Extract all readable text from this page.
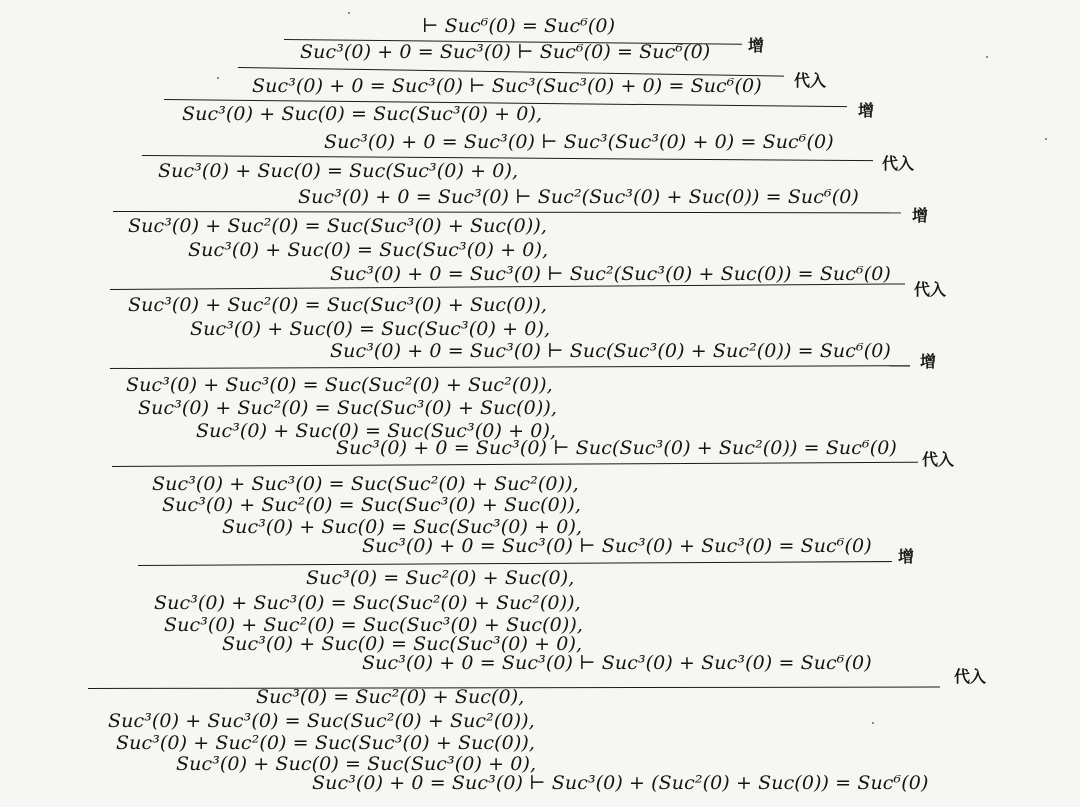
⊢ Suc⁶(0) = Suc⁶(0)
增
Suc³(0) + 0 = Suc³(0) ⊢ Suc⁶(0) = Suc⁶(0)
代入
Suc³(0) + 0 = Suc³(0) ⊢ Suc³(Suc³(0) + 0) = Suc⁶(0)
增
Suc³(0) + Suc(0) = Suc(Suc³(0) + 0),
Suc³(0) + 0 = Suc³(0) ⊢ Suc³(Suc³(0) + 0) = Suc⁶(0)
代入
Suc³(0) + Suc(0) = Suc(Suc³(0) + 0),
Suc³(0) + 0 = Suc³(0) ⊢ Suc²(Suc³(0) + Suc(0)) = Suc⁶(0)
增
Suc³(0) + Suc²(0) = Suc(Suc³(0) + Suc(0)),
Suc³(0) + Suc(0) = Suc(Suc³(0) + 0),
Suc³(0) + 0 = Suc³(0) ⊢ Suc²(Suc³(0) + Suc(0)) = Suc⁶(0)
代入
Suc³(0) + Suc²(0) = Suc(Suc³(0) + Suc(0)),
Suc³(0) + Suc(0) = Suc(Suc³(0) + 0),
Suc³(0) + 0 = Suc³(0) ⊢ Suc(Suc³(0) + Suc²(0)) = Suc⁶(0) 增
Suc³(0) + Suc³(0) = Suc(Suc²(0) + Suc²(0)),
Suc³(0) + Suc²(0) = Suc(Suc³(0) + Suc(0)),
Suc³(0) + Suc(0) = Suc(Suc³(0) + 0),
Suc³(0) + 0 = Suc³(0) ⊢ Suc(Suc³(0) + Suc²(0)) = Suc⁶(0)
代入
Suc³(0) + Suc³(0) = Suc(Suc²(0) + Suc²(0)),
Suc³(0) + Suc²(0) = Suc(Suc³(0) + Suc(0)),
Suc³(0) + Suc(0) = Suc(Suc³(0) + 0),
Suc³(0) + 0 = Suc³(0) ⊢ Suc³(0) + Suc³(0) = Suc⁶(0) 增
Suc³(0) = Suc²(0) + Suc(0),
Suc³(0) + Suc³(0) = Suc(Suc²(0) + Suc²(0)),
Suc³(0) + Suc²(0) = Suc(Suc³(0) + Suc(0)),
Suc³(0) + Suc(0) = Suc(Suc³(0) + 0),
Suc³(0) + 0 = Suc³(0) ⊢ Suc³(0) + Suc³(0) = Suc⁶(0)
代入
Suc³(0) = Suc²(0) + Suc(0),
Suc³(0) + Suc³(0) = Suc(Suc²(0) + Suc²(0)),
Suc³(0) + Suc²(0) = Suc(Suc³(0) + Suc(0)),
Suc³(0) + Suc(0) = Suc(Suc³(0) + 0),
Suc³(0) + 0 = Suc³(0) ⊢ Suc³(0) + (Suc²(0) + Suc(0)) = Suc⁶(0)
